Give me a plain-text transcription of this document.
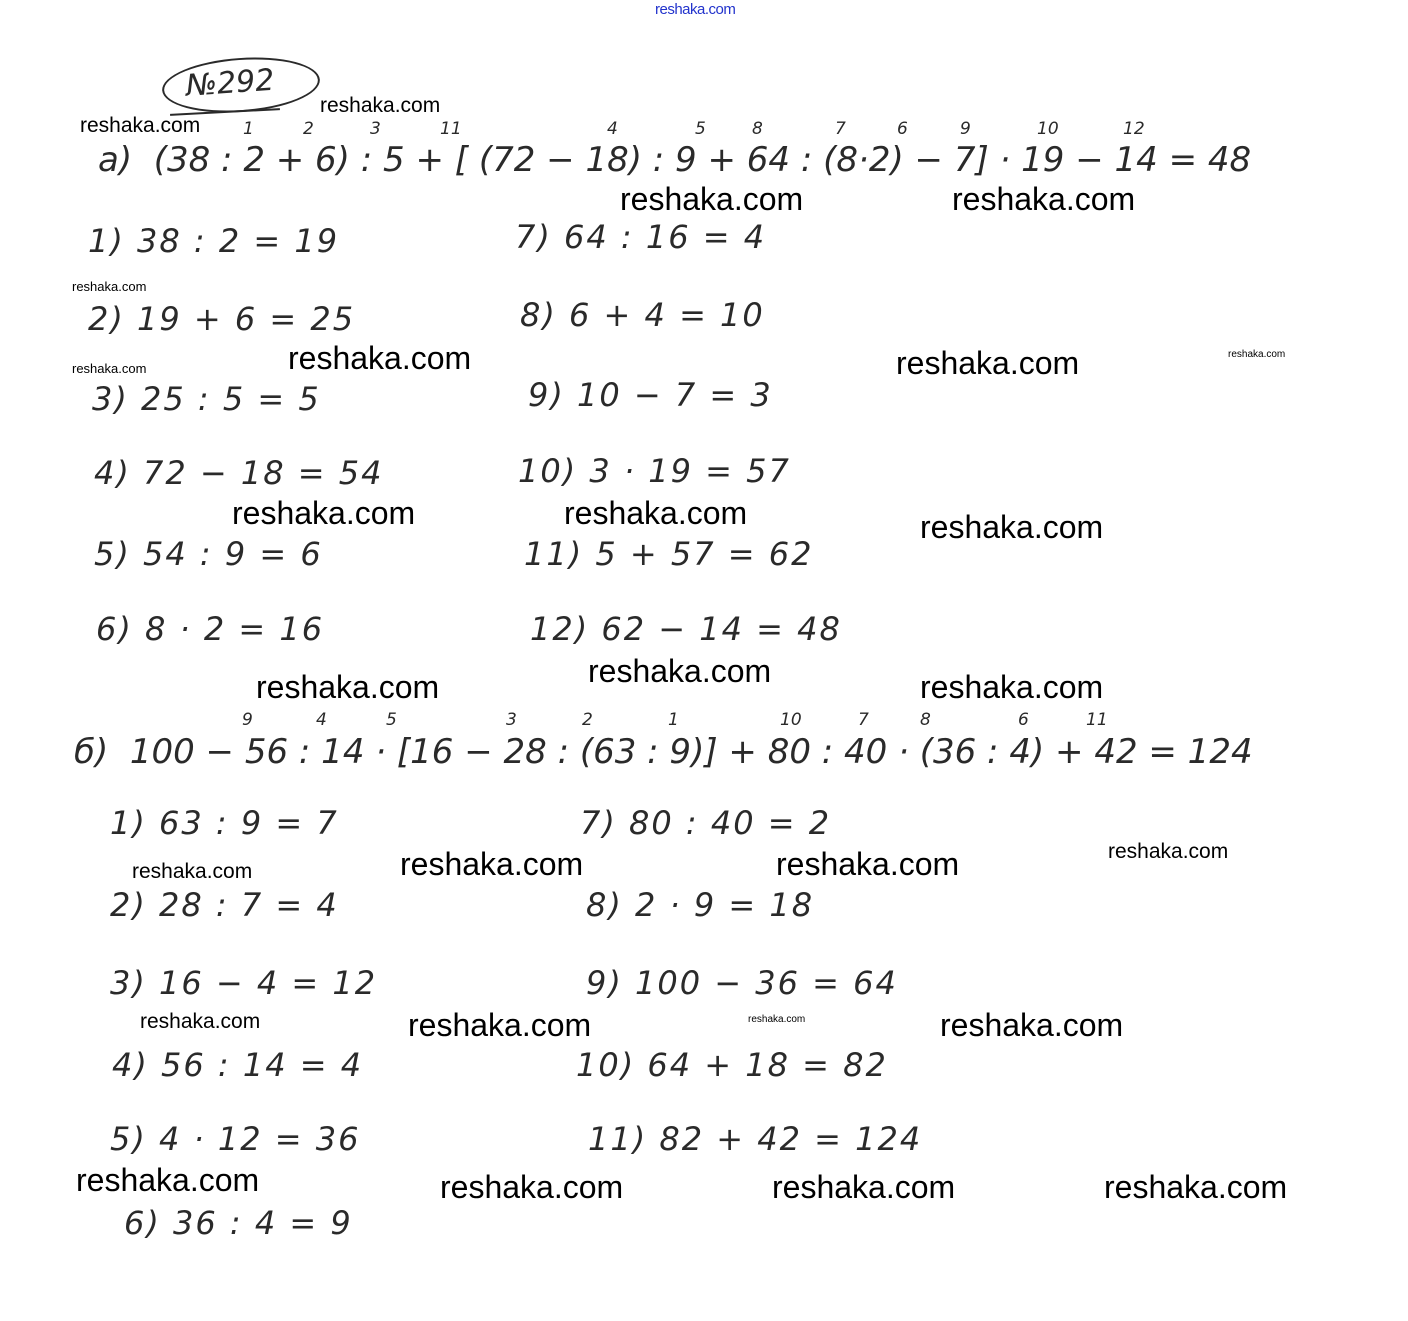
reshaka.com
№292
a)  (38 : 2 + 6) : 5 + [ (72 − 18) : 9 + 64 : (8·2) − 7] · 19 − 14 = 48
1	2	3	11	4	5	8	7	6	9	10	12
1) 38 : 2 = 19
2) 19 + 6 = 25
3) 25 : 5 = 5
4) 72 − 18 = 54
5) 54 : 9 = 6
6) 8 · 2 = 16
7) 64 : 16 = 4
8) 6 + 4 = 10
9) 10 − 7 = 3
10) 3 · 19 = 57
11) 5 + 57 = 62
12) 62 − 14 = 48
б)  100 − 56 : 14 · [16 − 28 : (63 : 9)] + 80 : 40 · (36 : 4) + 42 = 124
9	4	5	3	2	1	10	7	8	6	11
1) 63 : 9 = 7
2) 28 : 7 = 4
3) 16 − 4 = 12
4) 56 : 14 = 4
5) 4 · 12 = 36
6) 36 : 4 = 9
7) 80 : 40 = 2
8) 2 · 9 = 18
9) 100 − 36 = 64
10) 64 + 18 = 82
11) 82 + 42 = 124
reshaka.com
reshaka.com
reshaka.com	reshaka.com
reshaka.com
reshaka.com
reshaka.com	reshaka.com	reshaka.com
reshaka.com	reshaka.com	reshaka.com
reshaka.com
reshaka.com	reshaka.com
reshaka.com	reshaka.com	reshaka.com
reshaka.com
reshaka.com	reshaka.com	reshaka.com	reshaka.com
reshaka.com	reshaka.com	reshaka.com	reshaka.com
